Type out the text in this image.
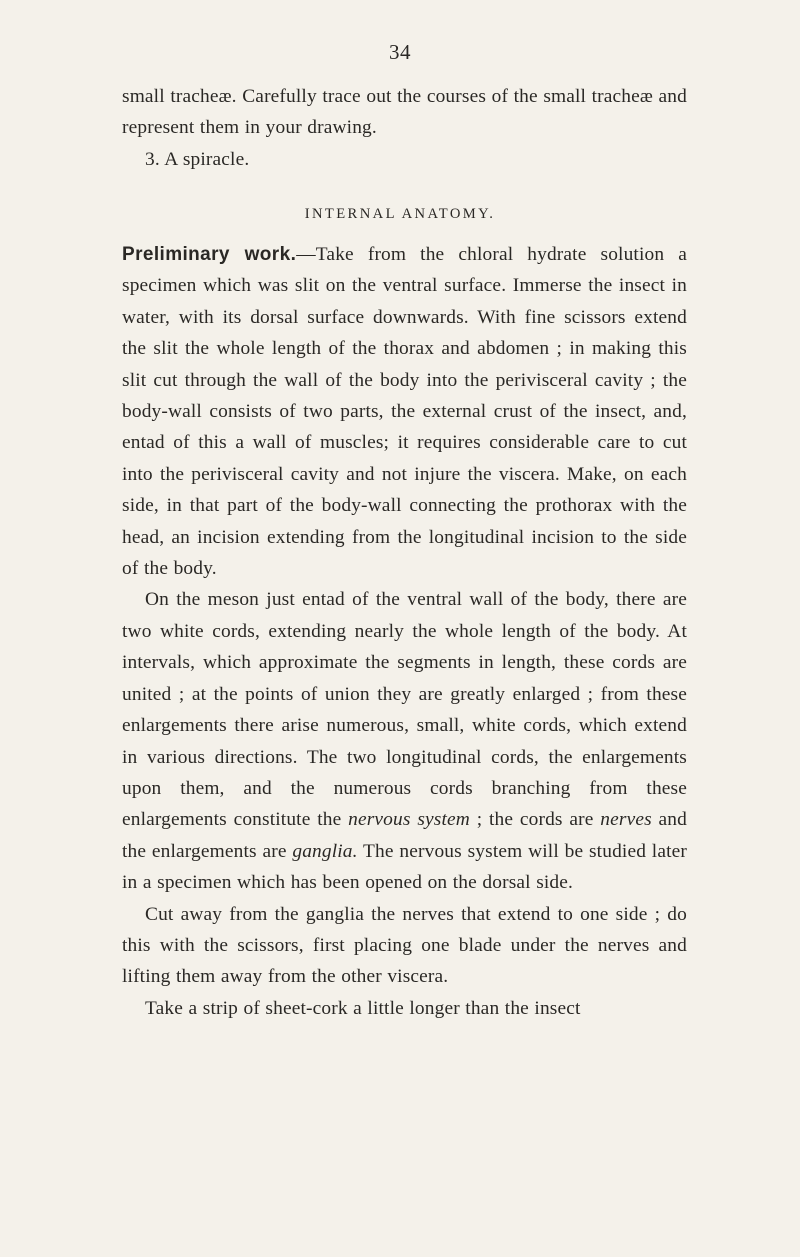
34

small tracheæ. Carefully trace out the courses of the small tracheæ and represent them in your drawing.

3. A spiracle.

INTERNAL ANATOMY.

Preliminary work.—Take from the chloral hydrate solution a specimen which was slit on the ventral surface. Immerse the insect in water, with its dorsal surface downwards. With fine scissors extend the slit the whole length of the thorax and abdomen ; in making this slit cut through the wall of the body into the perivisceral cavity ; the body-wall consists of two parts, the external crust of the insect, and, entad of this a wall of muscles; it requires considerable care to cut into the perivisceral cavity and not injure the viscera. Make, on each side, in that part of the body-wall connecting the prothorax with the head, an incision extending from the longitudinal incision to the side of the body.

On the meson just entad of the ventral wall of the body, there are two white cords, extending nearly the whole length of the body. At intervals, which approximate the segments in length, these cords are united ; at the points of union they are greatly enlarged ; from these enlargements there arise numerous, small, white cords, which extend in various directions. The two longitudinal cords, the enlargements upon them, and the numerous cords branching from these enlargements constitute the nervous system ; the cords are nerves and the enlargements are ganglia. The nervous system will be studied later in a specimen which has been opened on the dorsal side.

Cut away from the ganglia the nerves that extend to one side ; do this with the scissors, first placing one blade under the nerves and lifting them away from the other viscera.

Take a strip of sheet-cork a little longer than the insect
